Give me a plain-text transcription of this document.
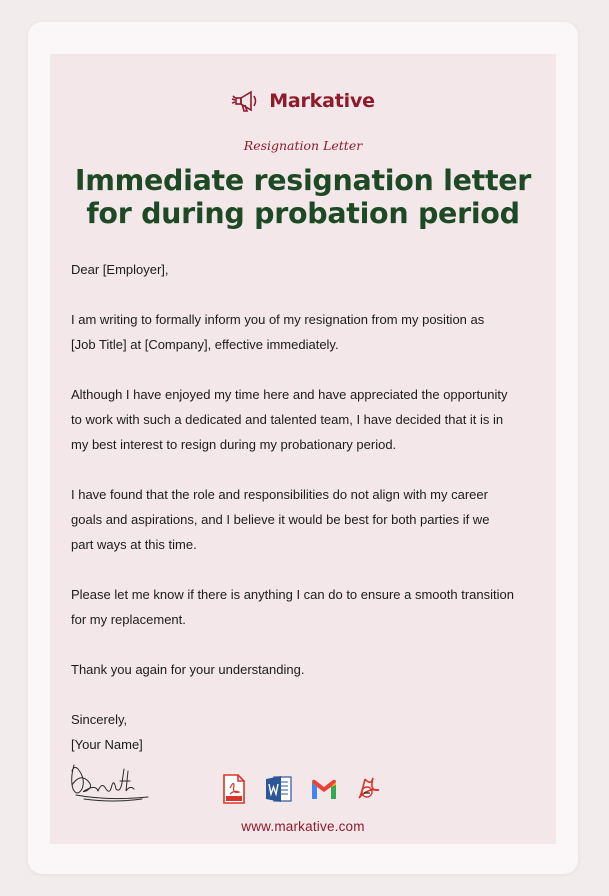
Markative
Resignation Letter
Immediate resignation letter
for during probation period

Dear [Employer],

I am writing to formally inform you of my resignation from my position as
[Job Title] at [Company], effective immediately.

Although I have enjoyed my time here and have appreciated the opportunity
to work with such a dedicated and talented team, I have decided that it is in
my best interest to resign during my probationary period.

I have found that the role and responsibilities do not align with my career
goals and aspirations, and I believe it would be best for both parties if we
part ways at this time.

Please let me know if there is anything I can do to ensure a smooth transition
for my replacement.

Thank you again for your understanding.

Sincerely,
[Your Name]

www.markative.com
